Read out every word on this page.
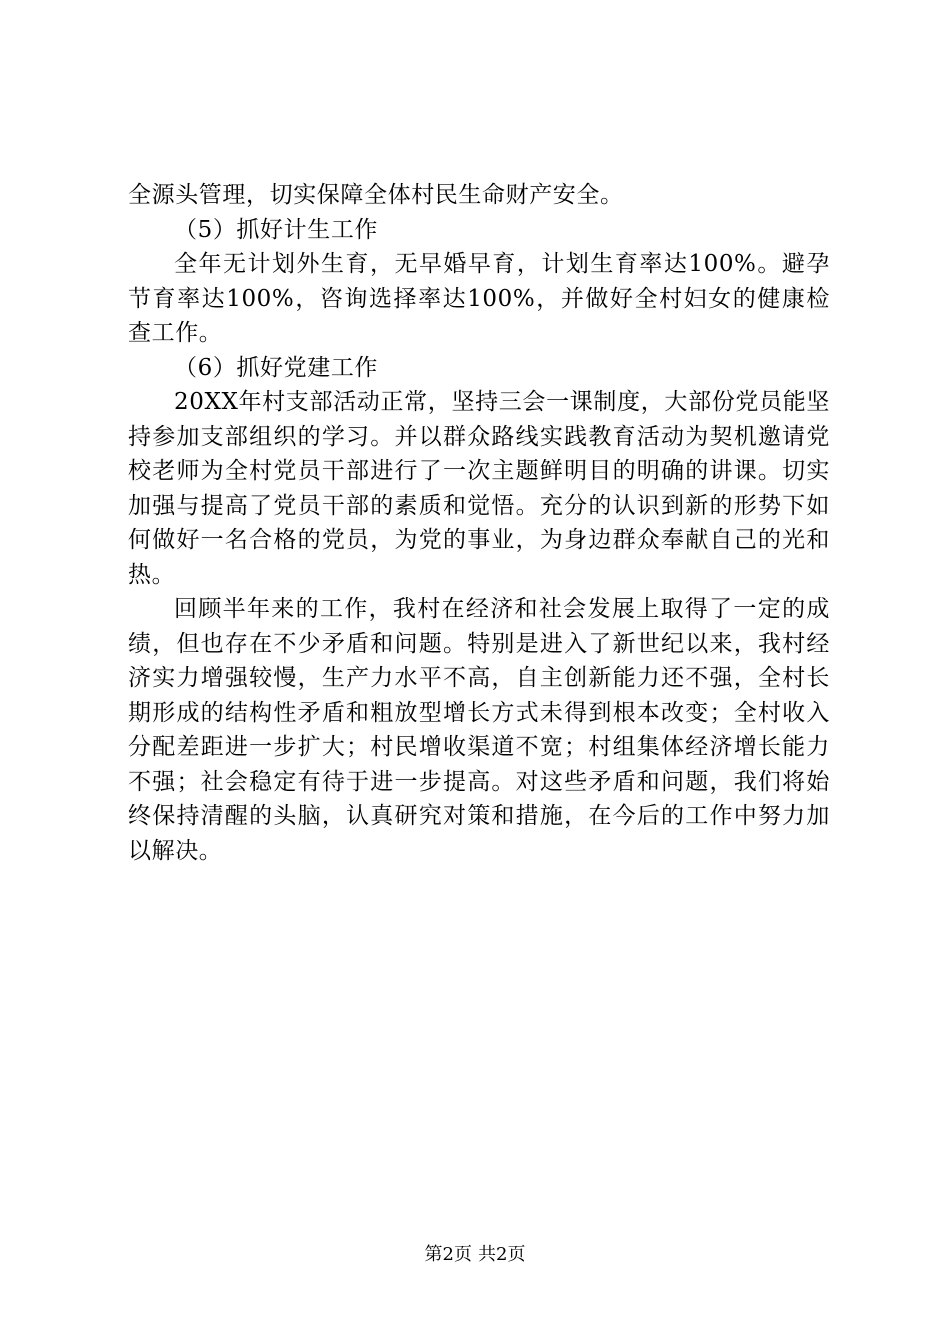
全源头管理，切实保障全体村民生命财产安全。

（5）抓好计生工作

全年无计划外生育，无早婚早育，计划生育率达100%。避孕节育率达100%，咨询选择率达100%，并做好全村妇女的健康检查工作。

（6）抓好党建工作

20XX年村支部活动正常，坚持三会一课制度，大部份党员能坚持参加支部组织的学习。并以群众路线实践教育活动为契机邀请党校老师为全村党员干部进行了一次主题鲜明目的明确的讲课。切实加强与提高了党员干部的素质和觉悟。充分的认识到新的形势下如何做好一名合格的党员，为党的事业，为身边群众奉献自己的光和热。

回顾半年来的工作，我村在经济和社会发展上取得了一定的成绩，但也存在不少矛盾和问题。特别是进入了新世纪以来，我村经济实力增强较慢，生产力水平不高，自主创新能力还不强，全村长期形成的结构性矛盾和粗放型增长方式未得到根本改变；全村收入分配差距进一步扩大；村民增收渠道不宽；村组集体经济增长能力不强；社会稳定有待于进一步提高。对这些矛盾和问题，我们将始终保持清醒的头脑，认真研究对策和措施，在今后的工作中努力加以解决。

第2页 共2页
